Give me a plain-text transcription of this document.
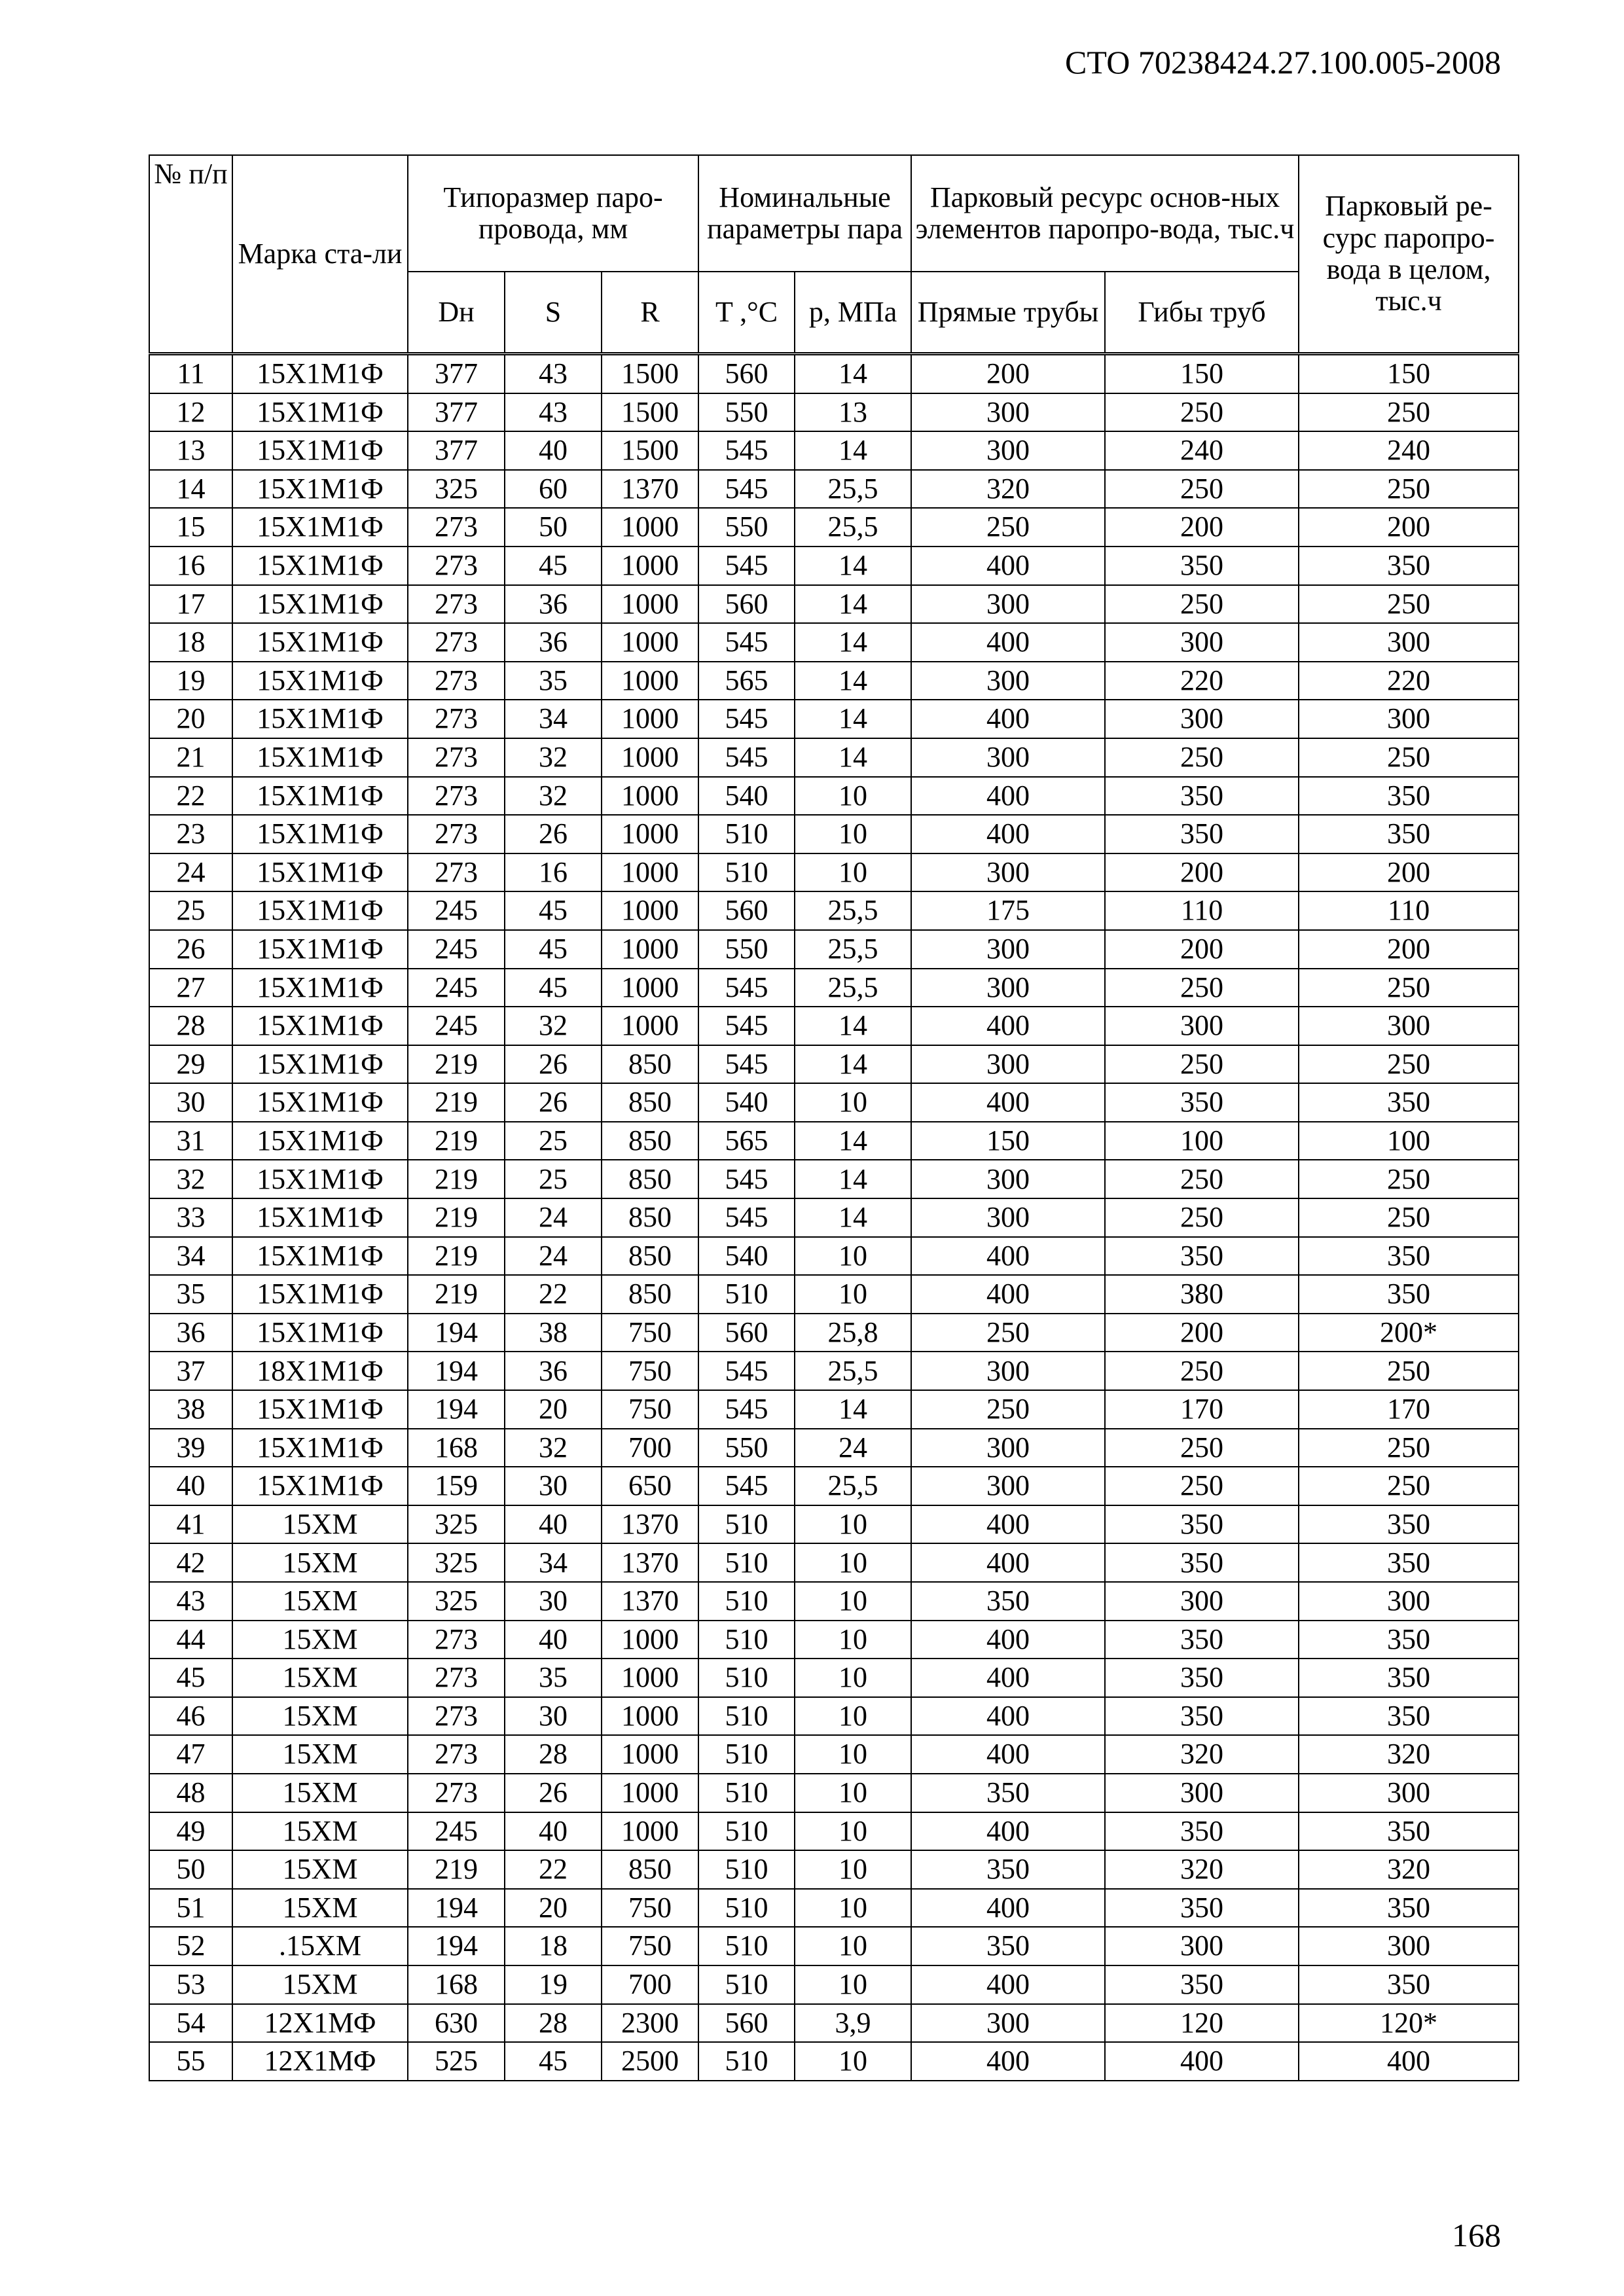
СТО 70238424.27.100.005-2008
№ п/п	Марка ста-ли	Типоразмер паро-провода, мм			Номинальные параметры пара		Парковый ресурс основ-ных элементов паропро-вода, тыс.ч		Парковый ре-сурс паропро-вода в целом, тыс.ч
		Dн	S	R	T ,°C	p, МПа	Прямые трубы	Гибы труб	
11	15Х1М1Ф	377	43	1500	560	14	200	150	150
12	15Х1М1Ф	377	43	1500	550	13	300	250	250
13	15Х1М1Ф	377	40	1500	545	14	300	240	240
14	15Х1М1Ф	325	60	1370	545	25,5	320	250	250
15	15Х1М1Ф	273	50	1000	550	25,5	250	200	200
16	15Х1М1Ф	273	45	1000	545	14	400	350	350
17	15Х1М1Ф	273	36	1000	560	14	300	250	250
18	15Х1М1Ф	273	36	1000	545	14	400	300	300
19	15Х1М1Ф	273	35	1000	565	14	300	220	220
20	15Х1М1Ф	273	34	1000	545	14	400	300	300
21	15Х1М1Ф	273	32	1000	545	14	300	250	250
22	15Х1М1Ф	273	32	1000	540	10	400	350	350
23	15Х1М1Ф	273	26	1000	510	10	400	350	350
24	15Х1М1Ф	273	16	1000	510	10	300	200	200
25	15Х1М1Ф	245	45	1000	560	25,5	175	110	110
26	15Х1М1Ф	245	45	1000	550	25,5	300	200	200
27	15Х1М1Ф	245	45	1000	545	25,5	300	250	250
28	15Х1М1Ф	245	32	1000	545	14	400	300	300
29	15Х1М1Ф	219	26	850	545	14	300	250	250
30	15Х1М1Ф	219	26	850	540	10	400	350	350
31	15Х1М1Ф	219	25	850	565	14	150	100	100
32	15Х1М1Ф	219	25	850	545	14	300	250	250
33	15Х1М1Ф	219	24	850	545	14	300	250	250
34	15Х1М1Ф	219	24	850	540	10	400	350	350
35	15Х1М1Ф	219	22	850	510	10	400	380	350
36	15Х1М1Ф	194	38	750	560	25,8	250	200	200*
37	18Х1М1Ф	194	36	750	545	25,5	300	250	250
38	15Х1М1Ф	194	20	750	545	14	250	170	170
39	15Х1М1Ф	168	32	700	550	24	300	250	250
40	15Х1М1Ф	159	30	650	545	25,5	300	250	250
41	15ХМ	325	40	1370	510	10	400	350	350
42	15ХМ	325	34	1370	510	10	400	350	350
43	15ХМ	325	30	1370	510	10	350	300	300
44	15ХМ	273	40	1000	510	10	400	350	350
45	15ХМ	273	35	1000	510	10	400	350	350
46	15ХМ	273	30	1000	510	10	400	350	350
47	15ХМ	273	28	1000	510	10	400	320	320
48	15ХМ	273	26	1000	510	10	350	300	300
49	15ХМ	245	40	1000	510	10	400	350	350
50	15ХМ	219	22	850	510	10	350	320	320
51	15ХМ	194	20	750	510	10	400	350	350
52	.15ХМ	194	18	750	510	10	350	300	300
53	15ХМ	168	19	700	510	10	400	350	350
54	12Х1МФ	630	28	2300	560	3,9	300	120	120*
55	12Х1МФ	525	45	2500	510	10	400	400	400
168
